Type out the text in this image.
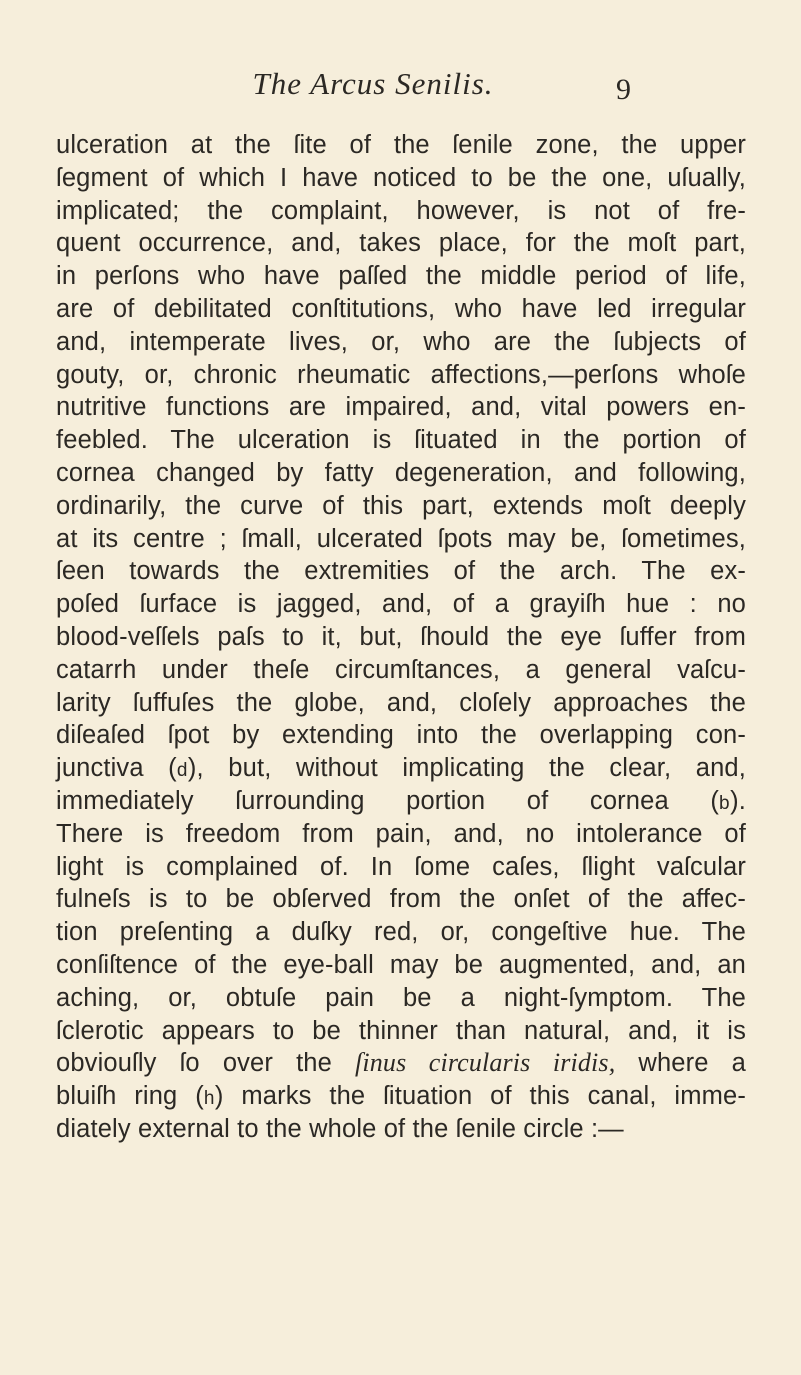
The Arcus Senilis.	9
ulceration at the ſite of the ſenile zone, the upper
ſegment of which I have noticed to be the one, uſually,
implicated; the complaint, however, is not of fre-
quent occurrence, and, takes place, for the moſt part,
in perſons who have paſſed the middle period of life,
are of debilitated conſtitutions, who have led irregular
and, intemperate lives, or, who are the ſubjects of
gouty, or, chronic rheumatic affections,—perſons whoſe
nutritive functions are impaired, and, vital powers en-
feebled. The ulceration is ſituated in the portion of
cornea changed by fatty degeneration, and following,
ordinarily, the curve of this part, extends moſt deeply
at its centre ; ſmall, ulcerated ſpots may be, ſometimes,
ſeen towards the extremities of the arch. The ex-
poſed ſurface is jagged, and, of a grayiſh hue : no
blood-veſſels paſs to it, but, ſhould the eye ſuffer from
catarrh under theſe circumſtances, a general vaſcu-
larity ſuffuſes the globe, and, cloſely approaches the
diſeaſed ſpot by extending into the overlapping con-
junctiva (d), but, without implicating the clear, and,
immediately ſurrounding portion of cornea (b).
There is freedom from pain, and, no intolerance of
light is complained of. In ſome caſes, ſlight vaſcular
fulneſs is to be obſerved from the onſet of the affec-
tion preſenting a duſky red, or, congeſtive hue. The
conſiſtence of the eye-ball may be augmented, and, an
aching, or, obtuſe pain be a night-ſymptom. The
ſclerotic appears to be thinner than natural, and, it is
obviouſly ſo over the ſinus circularis iridis, where a
bluiſh ring (h) marks the ſituation of this canal, imme-
diately external to the whole of the ſenile circle :—
